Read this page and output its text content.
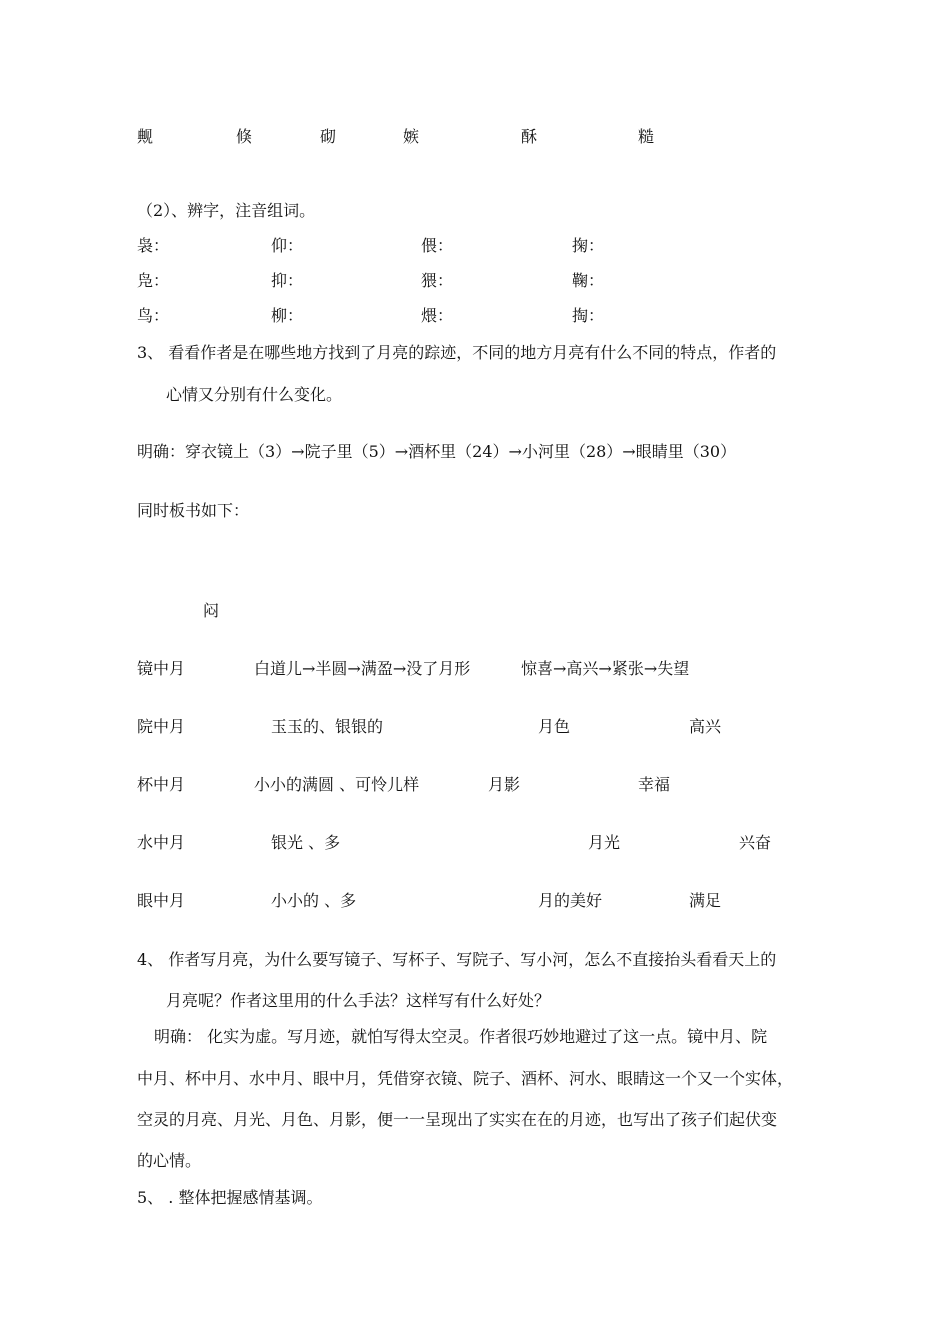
觍	倏	砌	嫉	酥	糙
（2）、辨字，注音组词。
袅：	仰：	偎：	掬：
凫：	抑：	猥：	鞠：
鸟：	柳：	煨：	掏：
3、 看看作者是在哪些地方找到了月亮的踪迹，不同的地方月亮有什么不同的特点，作者的
心情又分别有什么变化。
明确：穿衣镜上（3）→院子里（5）→酒杯里（24）→小河里（28）→眼睛里（30）
同时板书如下：
闷
镜中月	白道儿→半圆→满盈→没了月形	惊喜→高兴→紧张→失望
院中月	玉玉的、银银的	月色	高兴
杯中月	小小的满圆 、可怜儿样	月影	幸福
水中月	银光 、多	月光	兴奋
眼中月	小小的 、多	月的美好	满足
4、 作者写月亮，为什么要写镜子、写杯子、写院子、写小河，怎么不直接抬头看看天上的
月亮呢？作者这里用的什么手法？这样写有什么好处？
明确： 化实为虚。写月迹，就怕写得太空灵。作者很巧妙地避过了这一点。镜中月、院
中月、杯中月、水中月、眼中月，凭借穿衣镜、院子、酒杯、河水、眼睛这一个又一个实体，
空灵的月亮、月光、月色、月影，便一一呈现出了实实在在的月迹，也写出了孩子们起伏变
的心情。
5、 . 整体把握感情基调。
